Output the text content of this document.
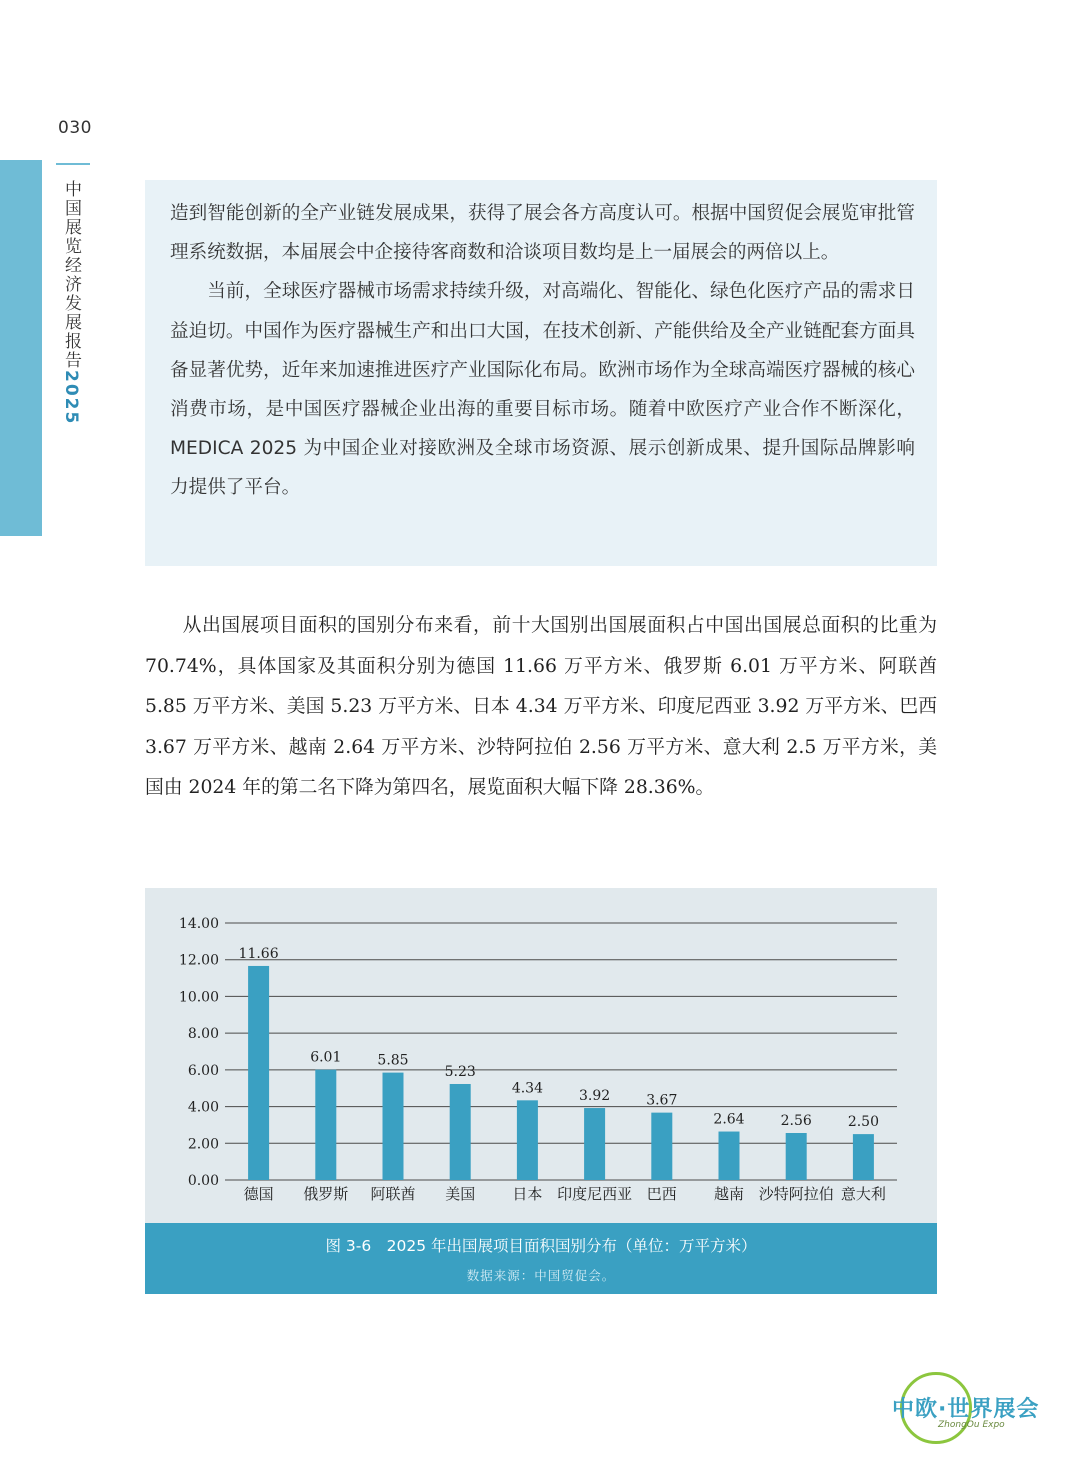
030
中国展览经济发展报告2025

造到智能创新的全产业链发展成果，获得了展会各方高度认可。根据中国贸促会展览审批管理系统数据，本届展会中企接待客商数和洽谈项目数均是上一届展会的两倍以上。

当前，全球医疗器械市场需求持续升级，对高端化、智能化、绿色化医疗产品的需求日益迫切。中国作为医疗器械生产和出口大国，在技术创新、产能供给及全产业链配套方面具备显著优势，近年来加速推进医疗产业国际化布局。欧洲市场作为全球高端医疗器械的核心消费市场，是中国医疗器械企业出海的重要目标市场。随着中欧医疗产业合作不断深化，MEDICA 2025 为中国企业对接欧洲及全球市场资源、展示创新成果、提升国际品牌影响力提供了平台。

从出国展项目面积的国别分布来看，前十大国别出国展面积占中国出国展总面积的比重为 70.74%，具体国家及其面积分别为德国 11.66 万平方米、俄罗斯 6.01 万平方米、阿联酋 5.85 万平方米、美国 5.23 万平方米、日本 4.34 万平方米、印度尼西亚 3.92 万平方米、巴西 3.67 万平方米、越南 2.64 万平方米、沙特阿拉伯 2.56 万平方米、意大利 2.5 万平方米，美国由 2024 年的第二名下降为第四名，展览面积大幅下降 28.36%。

0.00
2.00
4.00
6.00
8.00
10.00
12.00
14.00
11.66
德国
6.01
俄罗斯
5.85
阿联酋
5.23
美国
4.34
日本
3.92
印度尼西亚
3.67
巴西
2.64
越南
2.56
沙特阿拉伯
2.50
意大利
图 3-6　2025 年出国展项目面积国别分布（单位：万平方米）
数据来源：中国贸促会。
中欧·世界展会
ZhongOu Expo
